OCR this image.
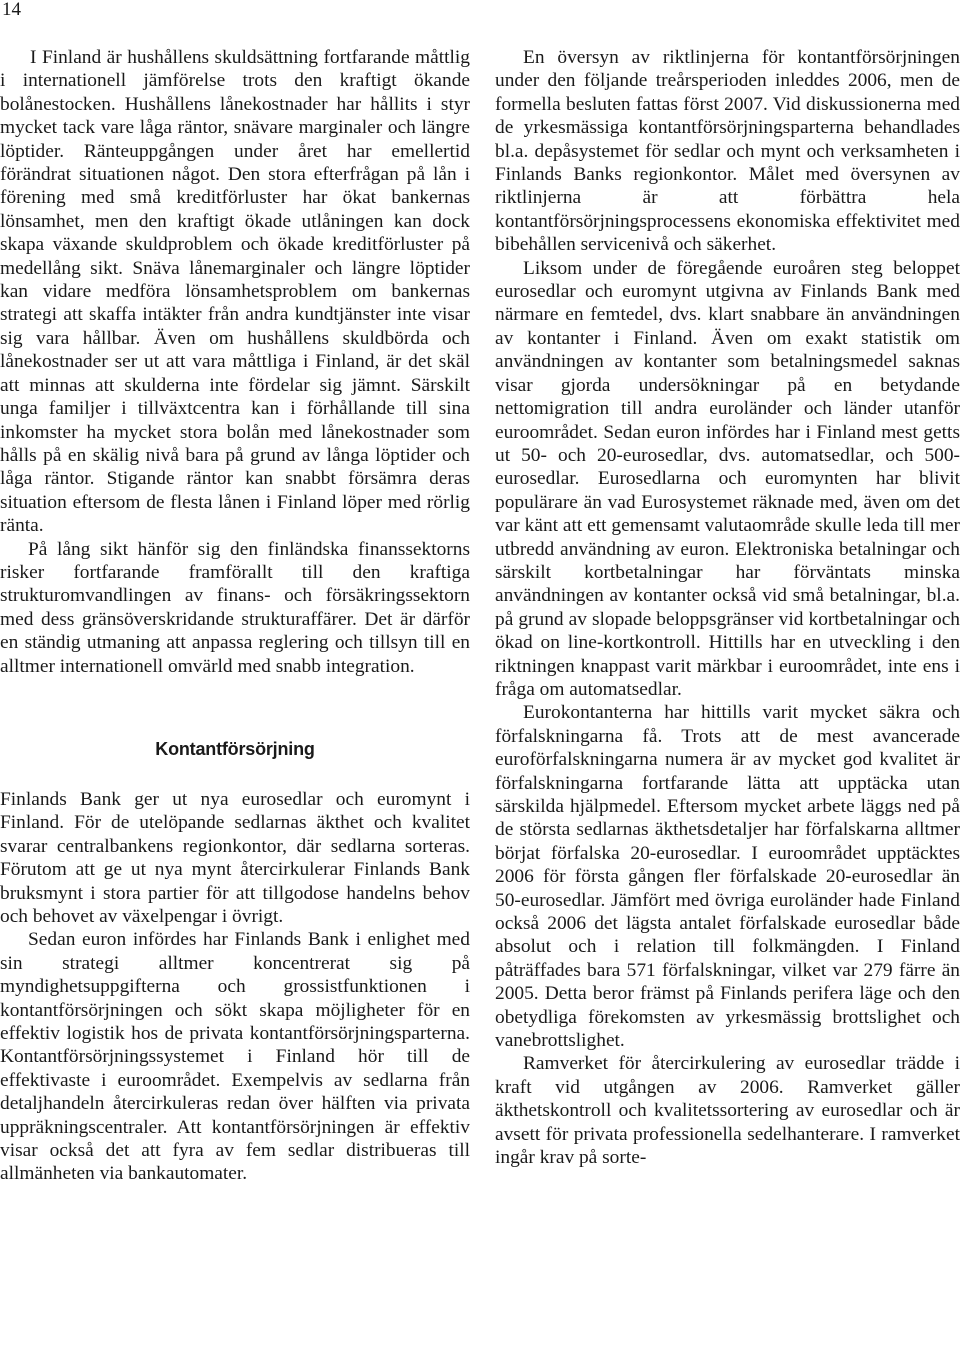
14

I Finland är hushållens skuldsättning fortfarande måttlig i internationell jämförelse trots den kraftigt ökande bolånestocken. Hushållens lånekostnader har hållits i styr mycket tack vare låga räntor, snävare marginaler och längre löptider. Ränteuppgången under året har emellertid förändrat situationen något. Den stora efterfrågan på lån i förening med små kreditförluster har ökat bankernas lönsamhet, men den kraftigt ökade utlåningen kan dock skapa växande skuldproblem och ökade kreditförluster på medellång sikt. Snäva lånemarginaler och längre löptider kan vidare medföra lönsamhetsproblem om bankernas strategi att skaffa intäkter från andra kundtjänster inte visar sig vara hållbar. Även om hushållens skuldbörda och lånekostnader ser ut att vara måttliga i Finland, är det skäl att minnas att skulderna inte fördelar sig jämnt. Särskilt unga familjer i tillväxtcentra kan i förhållande till sina inkomster ha mycket stora bolån med lånekostnader som hålls på en skälig nivå bara på grund av långa löptider och låga räntor. Stigande räntor kan snabbt försämra deras situation eftersom de flesta lånen i Finland löper med rörlig ränta.

På lång sikt hänför sig den finländska finanssektorns risker fortfarande framförallt till den kraftiga strukturomvandlingen av finans- och försäkringssektorn med dess gränsöverskridande strukturaffärer. Det är därför en ständig utmaning att anpassa reglering och tillsyn till en alltmer internationell omvärld med snabb integration.

Kontantförsörjning

Finlands Bank ger ut nya eurosedlar och euromynt i Finland. För de utelöpande sedlarnas äkthet och kvalitet svarar centralbankens regionkontor, där sedlarna sorteras. Förutom att ge ut nya mynt återcirkulerar Finlands Bank bruksmynt i stora partier för att tillgodose handelns behov och behovet av växelpengar i övrigt.

Sedan euron infördes har Finlands Bank i enlighet med sin strategi alltmer koncentrerat sig på myndighetsuppgifterna och grossistfunktionen i kontantförsörjningen och sökt skapa möjligheter för en effektiv logistik hos de privata kontantförsörjningsparterna. Kontantförsörjningssystemet i Finland hör till de effektivaste i euroområdet. Exempelvis av sedlarna från detaljhandeln återcirkuleras redan över hälften via privata uppräkningscentraler. Att kontantförsörjningen är effektiv visar också det att fyra av fem sedlar distribueras till allmänheten via bankautomater.

En översyn av riktlinjerna för kontantförsörjningen under den följande treårsperioden inleddes 2006, men de formella besluten fattas först 2007. Vid diskussionerna med de yrkesmässiga kontantförsörjningsparterna behandlades bl.a. depåsystemet för sedlar och mynt och verksamheten i Finlands Banks regionkontor. Målet med översynen av riktlinjerna är att förbättra hela kontantförsörjningsprocessens ekonomiska effektivitet med bibehållen servicenivå och säkerhet.

Liksom under de föregående euroåren steg beloppet eurosedlar och euromynt utgivna av Finlands Bank med närmare en femtedel, dvs. klart snabbare än användningen av kontanter i Finland. Även om exakt statistik om användningen av kontanter som betalningsmedel saknas visar gjorda undersökningar på en betydande nettomigration till andra euroländer och länder utanför euroområdet. Sedan euron infördes har i Finland mest getts ut 50- och 20-eurosedlar, dvs. automatsedlar, och 500-eurosedlar. Eurosedlarna och euromynten har blivit populärare än vad Eurosystemet räknade med, även om det var känt att ett gemensamt valutaområde skulle leda till mer utbredd användning av euron. Elektroniska betalningar och särskilt kortbetalningar har förväntats minska användningen av kontanter också vid små betalningar, bl.a. på grund av slopade beloppsgränser vid kortbetalningar och ökad on line-kortkontroll. Hittills har en utveckling i den riktningen knappast varit märkbar i euroområdet, inte ens i fråga om automatsedlar.

Eurokontanterna har hittills varit mycket säkra och förfalskningarna få. Trots att de mest avancerade euroförfalskningarna numera är av mycket god kvalitet är förfalskningarna fortfarande lätta att upptäcka utan särskilda hjälpmedel. Eftersom mycket arbete läggs ned på de största sedlarnas äkthetsdetaljer har förfalskarna alltmer börjat förfalska 20-eurosedlar. I euroområdet upptäcktes 2006 för första gången fler förfalskade 20-eurosedlar än 50-eurosedlar. Jämfört med övriga euroländer hade Finland också 2006 det lägsta antalet förfalskade eurosedlar både absolut och i relation till folkmängden. I Finland påträffades bara 571 förfalskningar, vilket var 279 färre än 2005. Detta beror främst på Finlands perifera läge och den obetydliga förekomsten av yrkesmässig brottslighet och vanebrottslighet.

Ramverket för återcirkulering av eurosedlar trädde i kraft vid utgången av 2006. Ramverket gäller äkthetskontroll och kvalitetssortering av eurosedlar och är avsett för privata professionella sedelhanterare. I ramverket ingår krav på sorte-
